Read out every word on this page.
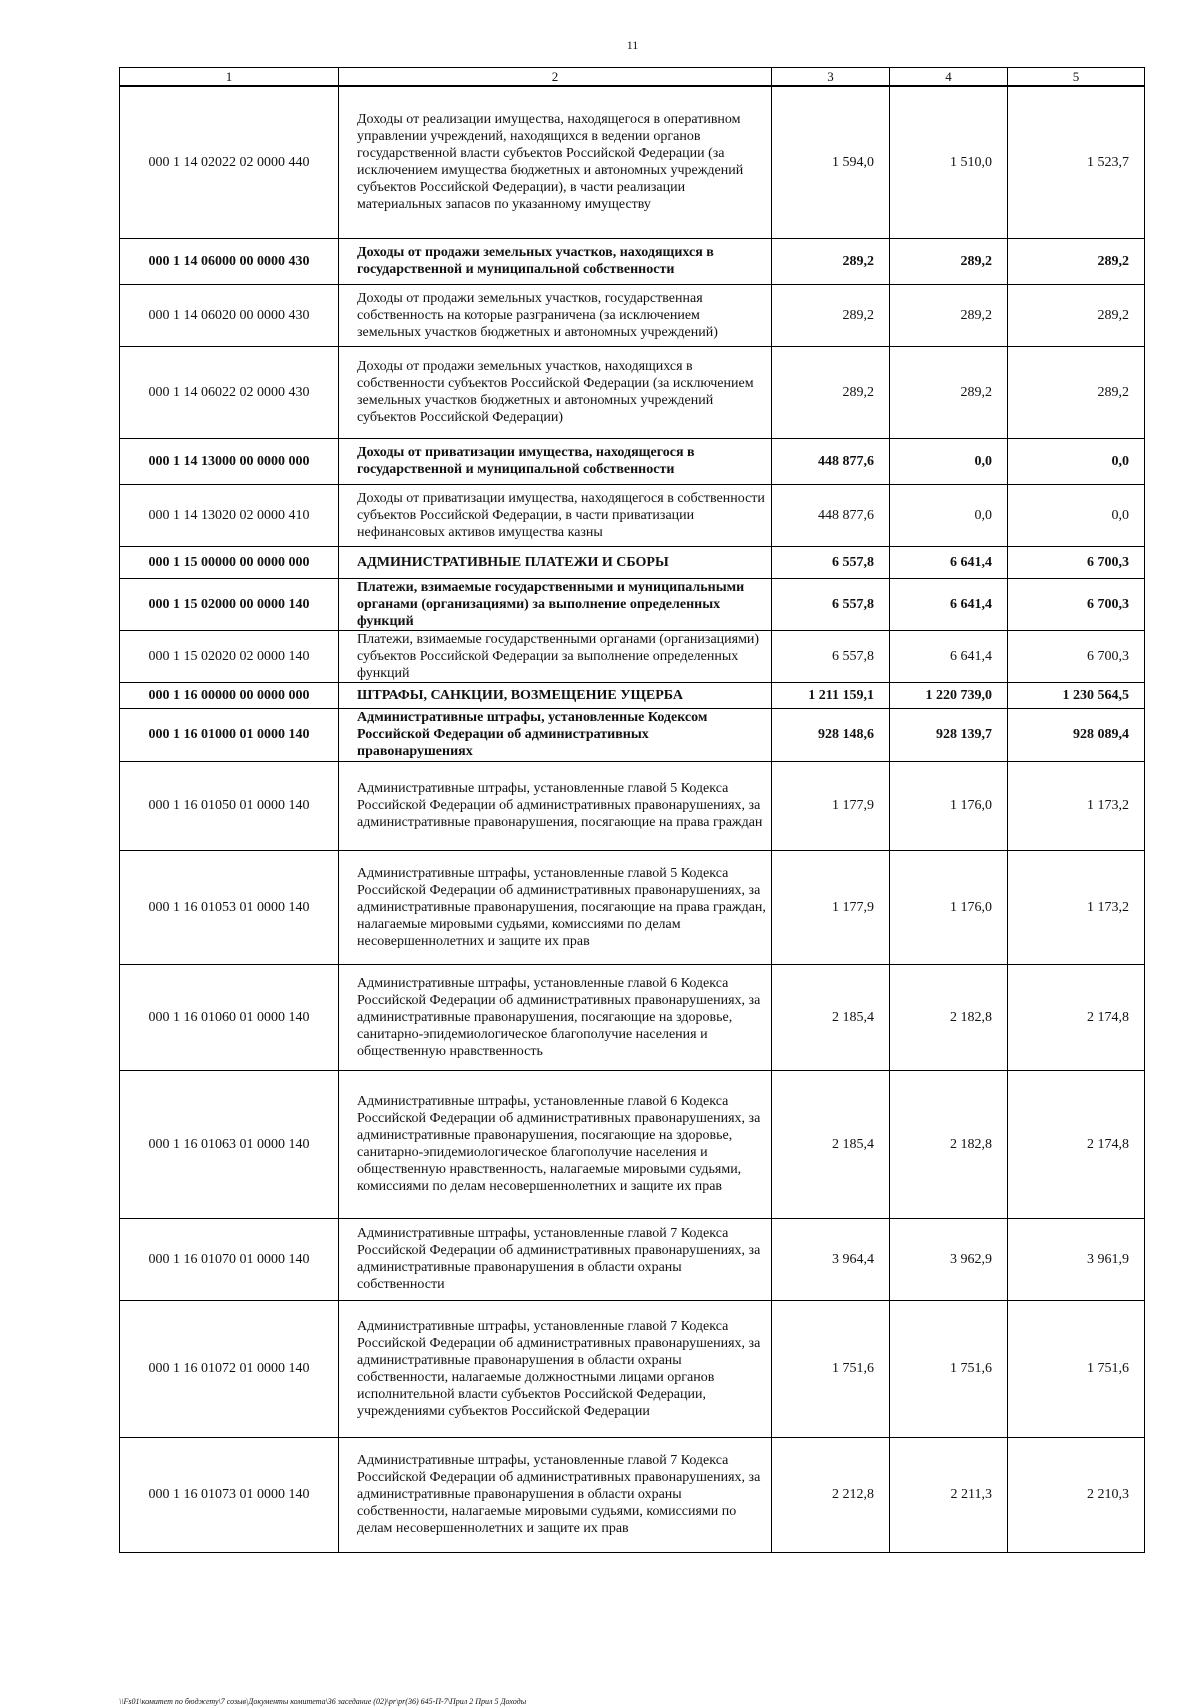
11
1	2	3	4	5
000 1 14 02022 02 0000 440	Доходы от реализации имущества, находящегося в оперативном управлении учреждений, находящихся в ведении органов государственной власти субъектов Российской Федерации (за исключением имущества бюджетных и автономных учреждений субъектов Российской Федерации), в части реализации материальных запасов по указанному имуществу	1 594,0	1 510,0	1 523,7
000 1 14 06000 00 0000 430	Доходы от продажи земельных участков, находящихся в государственной и муниципальной собственности	289,2	289,2	289,2
000 1 14 06020 00 0000 430	Доходы от продажи земельных участков, государственная собственность на которые разграничена (за исключением земельных участков бюджетных и автономных учреждений)	289,2	289,2	289,2
000 1 14 06022 02 0000 430	Доходы от продажи земельных участков, находящихся в собственности субъектов Российской Федерации (за исключением земельных участков бюджетных и автономных учреждений субъектов Российской Федерации)	289,2	289,2	289,2
000 1 14 13000 00 0000 000	Доходы от приватизации имущества, находящегося в государственной и муниципальной собственности	448 877,6	0,0	0,0
000 1 14 13020 02 0000 410	Доходы от приватизации имущества, находящегося в собственности субъектов Российской Федерации, в части приватизации нефинансовых активов имущества казны	448 877,6	0,0	0,0
000 1 15 00000 00 0000 000	АДМИНИСТРАТИВНЫЕ ПЛАТЕЖИ И СБОРЫ	6 557,8	6 641,4	6 700,3
000 1 15 02000 00 0000 140	Платежи, взимаемые государственными и муниципальными органами (организациями) за выполнение определенных функций	6 557,8	6 641,4	6 700,3
000 1 15 02020 02 0000 140	Платежи, взимаемые государственными органами (организациями) субъектов Российской Федерации за выполнение определенных функций	6 557,8	6 641,4	6 700,3
000 1 16 00000 00 0000 000	ШТРАФЫ, САНКЦИИ, ВОЗМЕЩЕНИЕ УЩЕРБА	1 211 159,1	1 220 739,0	1 230 564,5
000 1 16 01000 01 0000 140	Административные штрафы, установленные Кодексом Российской Федерации об административных правонарушениях	928 148,6	928 139,7	928 089,4
000 1 16 01050 01 0000 140	Административные штрафы, установленные главой 5 Кодекса Российской Федерации об административных правонарушениях, за административные правонарушения, посягающие на права граждан	1 177,9	1 176,0	1 173,2
000 1 16 01053 01 0000 140	Административные штрафы, установленные главой 5 Кодекса Российской Федерации об административных правонарушениях, за административные правонарушения, посягающие на права граждан, налагаемые мировыми судьями, комиссиями по делам несовершеннолетних и защите их прав	1 177,9	1 176,0	1 173,2
000 1 16 01060 01 0000 140	Административные штрафы, установленные главой 6 Кодекса Российской Федерации об административных правонарушениях, за административные правонарушения, посягающие на здоровье, санитарно-эпидемиологическое благополучие населения и общественную нравственность	2 185,4	2 182,8	2 174,8
000 1 16 01063 01 0000 140	Административные штрафы, установленные главой 6 Кодекса Российской Федерации об административных правонарушениях, за административные правонарушения, посягающие на здоровье, санитарно-эпидемиологическое благополучие населения и общественную нравственность, налагаемые мировыми судьями, комиссиями по делам несовершеннолетних и защите их прав	2 185,4	2 182,8	2 174,8
000 1 16 01070 01 0000 140	Административные штрафы, установленные главой 7 Кодекса Российской Федерации об административных правонарушениях, за административные правонарушения в области охраны собственности	3 964,4	3 962,9	3 961,9
000 1 16 01072 01 0000 140	Административные штрафы, установленные главой 7 Кодекса Российской Федерации об административных правонарушениях, за административные правонарушения в области охраны собственности, налагаемые должностными лицами органов исполнительной власти субъектов Российской Федерации, учреждениями субъектов Российской Федерации	1 751,6	1 751,6	1 751,6
000 1 16 01073 01 0000 140	Административные штрафы, установленные главой 7 Кодекса Российской Федерации об административных правонарушениях, за административные правонарушения в области охраны собственности, налагаемые мировыми судьями, комиссиями по делам несовершеннолетних и защите их прав	2 212,8	2 211,3	2 210,3
\\Fs01\комитет по бюджету\7 созыв\Документы комитета\36 заседание (02)\pr\pr(36) 645-П-7\Прил 2 Прил 5 Доходы
